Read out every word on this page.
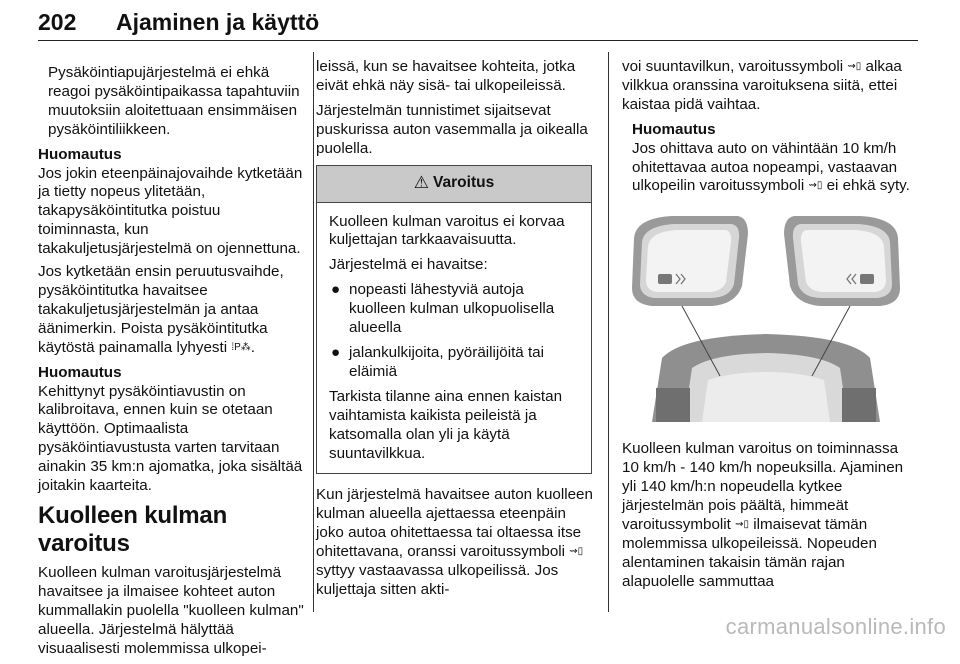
202 Ajaminen ja käyttö

Pysäköintiapujärjestelmä ei ehkä reagoi pysäköintipaikassa tapahtuviin muutoksiin aloitettuaan ensimmäisen pysäköintiliikkeen.

Huomautus
Jos jokin eteenpäinajovaihde kytketään ja tietty nopeus ylitetään, takapysäköintitutka poistuu toiminnasta, kun takakuljetusjärjestelmä on ojennettuna.

Jos kytketään ensin peruutusvaihde, pysäköintitutka havaitsee takakuljetusjärjestelmän ja antaa äänimerkin. Poista pysäköintitutka käytöstä painamalla lyhyesti ⁞P⁂.

Huomautus
Kehittynyt pysäköintiavustin on kalibroitava, ennen kuin se otetaan käyttöön. Optimaalista pysäköintiavustusta varten tarvitaan ainakin 35 km:n ajomatka, joka sisältää joitakin kaarteita.

Kuolleen kulman varoitus

Kuolleen kulman varoitusjärjestelmä havaitsee ja ilmaisee kohteet auton kummallakin puolella "kuolleen kulman" alueella. Järjestelmä hälyttää visuaalisesti molemmissa ulkopei-

leissä, kun se havaitsee kohteita, jotka eivät ehkä näy sisä- tai ulkopeileissä.

Järjestelmän tunnistimet sijaitsevat puskurissa auton vasemmalla ja oikealla puolella.

⚠ Varoitus

Kuolleen kulman varoitus ei korvaa kuljettajan tarkkaavaisuutta.

Järjestelmä ei havaitse:

● nopeasti lähestyviä autoja kuolleen kulman ulkopuolisella alueella
● jalankulkijoita, pyöräilijöitä tai eläimiä

Tarkista tilanne aina ennen kaistan vaihtamista kaikista peileistä ja katsomalla olan yli ja käytä suuntavilkkua.

Kun järjestelmä havaitsee auton kuolleen kulman alueella ajettaessa eteenpäin joko autoa ohitettaessa tai oltaessa itse ohitettavana, oranssi varoitussymboli ⇝▯ syttyy vastaavassa ulkopeilissä. Jos kuljettaja sitten akti-

voi suuntavilkun, varoitussymboli ⇝▯ alkaa vilkkua oranssina varoituksena siitä, ettei kaistaa pidä vaihtaa.

Huomautus
Jos ohittava auto on vähintään 10 km/h ohitettavaa autoa nopeampi, vastaavan ulkopeilin varoitussymboli ⇝▯ ei ehkä syty.

Kuolleen kulman varoitus on toiminnassa 10 km/h - 140 km/h nopeuksilla. Ajaminen yli 140 km/h:n nopeudella kytkee järjestelmän pois päältä, himmeät varoitussymbolit ⇝▯ ilmaisevat tämän molemmissa ulkopeileissä. Nopeuden alentaminen takaisin tämän rajan alapuolelle sammuttaa

carmanualsonline.info
